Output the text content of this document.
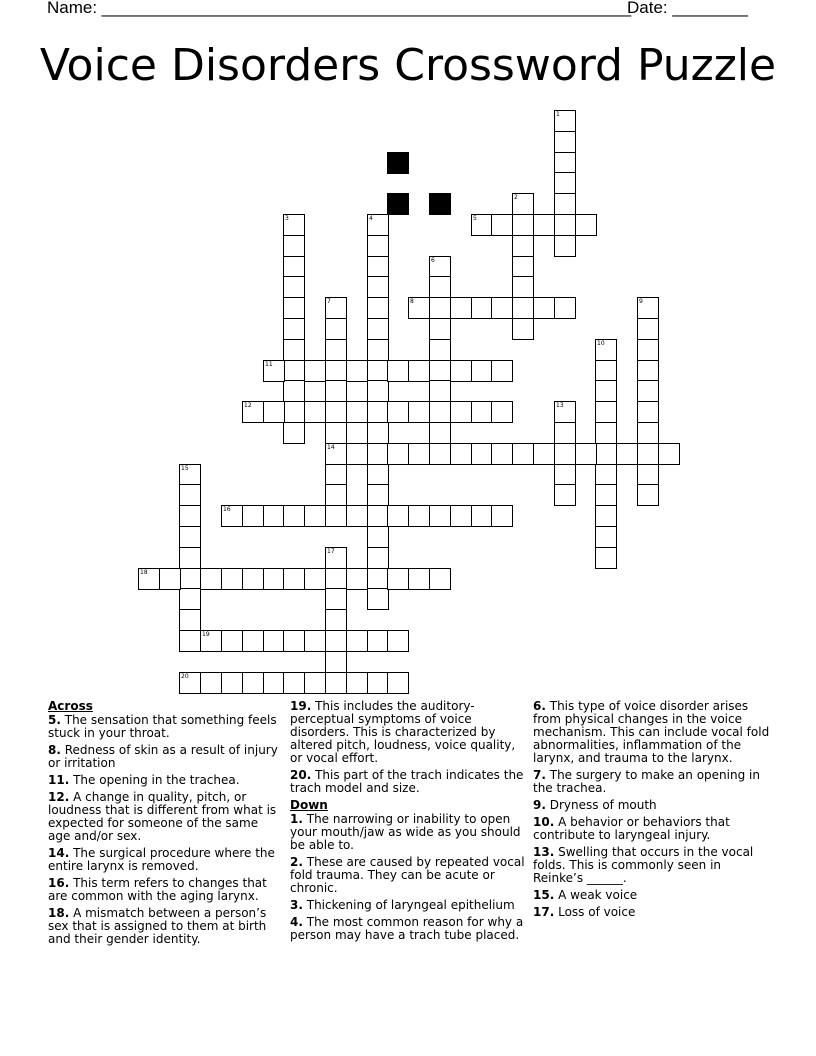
Name: ________________________________________________________
Date: ________
Voice Disorders Crossword Puzzle
1
2
3	4	5
6
7
14
8	9
10
11
12	13
15
16
17
18
19
20
Across
5. The sensation that something feels stuck in your throat.
8. Redness of skin as a result of injury or irritation
11. The opening in the trachea.
12. A change in quality, pitch, or loudness that is different from what is expected for someone of the same age and/or sex.
14. The surgical procedure where the entire larynx is removed.
16. This term refers to changes that are common with the aging larynx.
18. A mismatch between a person’s sex that is assigned to them at birth and their gender identity.
19. This includes the auditory-perceptual symptoms of voice disorders. This is characterized by altered pitch, loudness, voice quality, or vocal effort.
20. This part of the trach indicates the trach model and size.
Down
1. The narrowing or inability to open your mouth/jaw as wide as you should be able to.
2. These are caused by repeated vocal fold trauma. They can be acute or chronic.
3. Thickening of laryngeal epithelium
4. The most common reason for why a person may have a trach tube placed.
6. This type of voice disorder arises from physical changes in the voice mechanism. This can include vocal fold abnormalities, inflammation of the larynx, and trauma to the larynx.
7. The surgery to make an opening in the trachea.
9. Dryness of mouth
10. A behavior or behaviors that contribute to laryngeal injury.
13. Swelling that occurs in the vocal folds. This is commonly seen in Reinke’s ______.
15. A weak voice
17. Loss of voice
